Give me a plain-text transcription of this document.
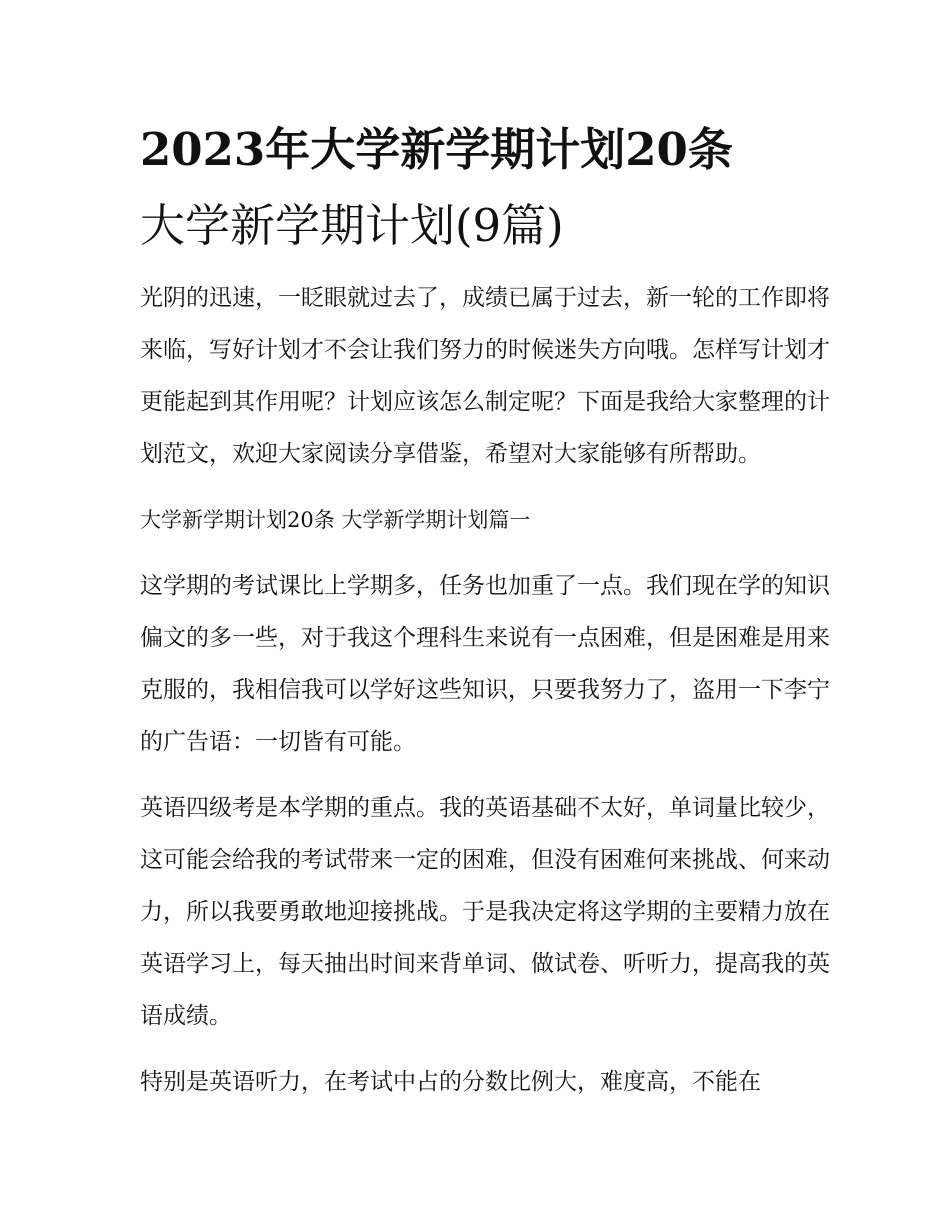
2023年大学新学期计划20条
大学新学期计划(9篇)

光阴的迅速，一眨眼就过去了，成绩已属于过去，新一轮的工作即将来临，写好计划才不会让我们努力的时候迷失方向哦。怎样写计划才更能起到其作用呢？计划应该怎么制定呢？下面是我给大家整理的计划范文，欢迎大家阅读分享借鉴，希望对大家能够有所帮助。

大学新学期计划20条 大学新学期计划篇一

这学期的考试课比上学期多，任务也加重了一点。我们现在学的知识偏文的多一些，对于我这个理科生来说有一点困难，但是困难是用来克服的，我相信我可以学好这些知识，只要我努力了，盗用一下李宁的广告语：一切皆有可能。

英语四级考是本学期的重点。我的英语基础不太好，单词量比较少，这可能会给我的考试带来一定的困难，但没有困难何来挑战、何来动力，所以我要勇敢地迎接挑战。于是我决定将这学期的主要精力放在英语学习上，每天抽出时间来背单词、做试卷、听听力，提高我的英语成绩。

特别是英语听力，在考试中占的分数比例大，难度高，不能在
